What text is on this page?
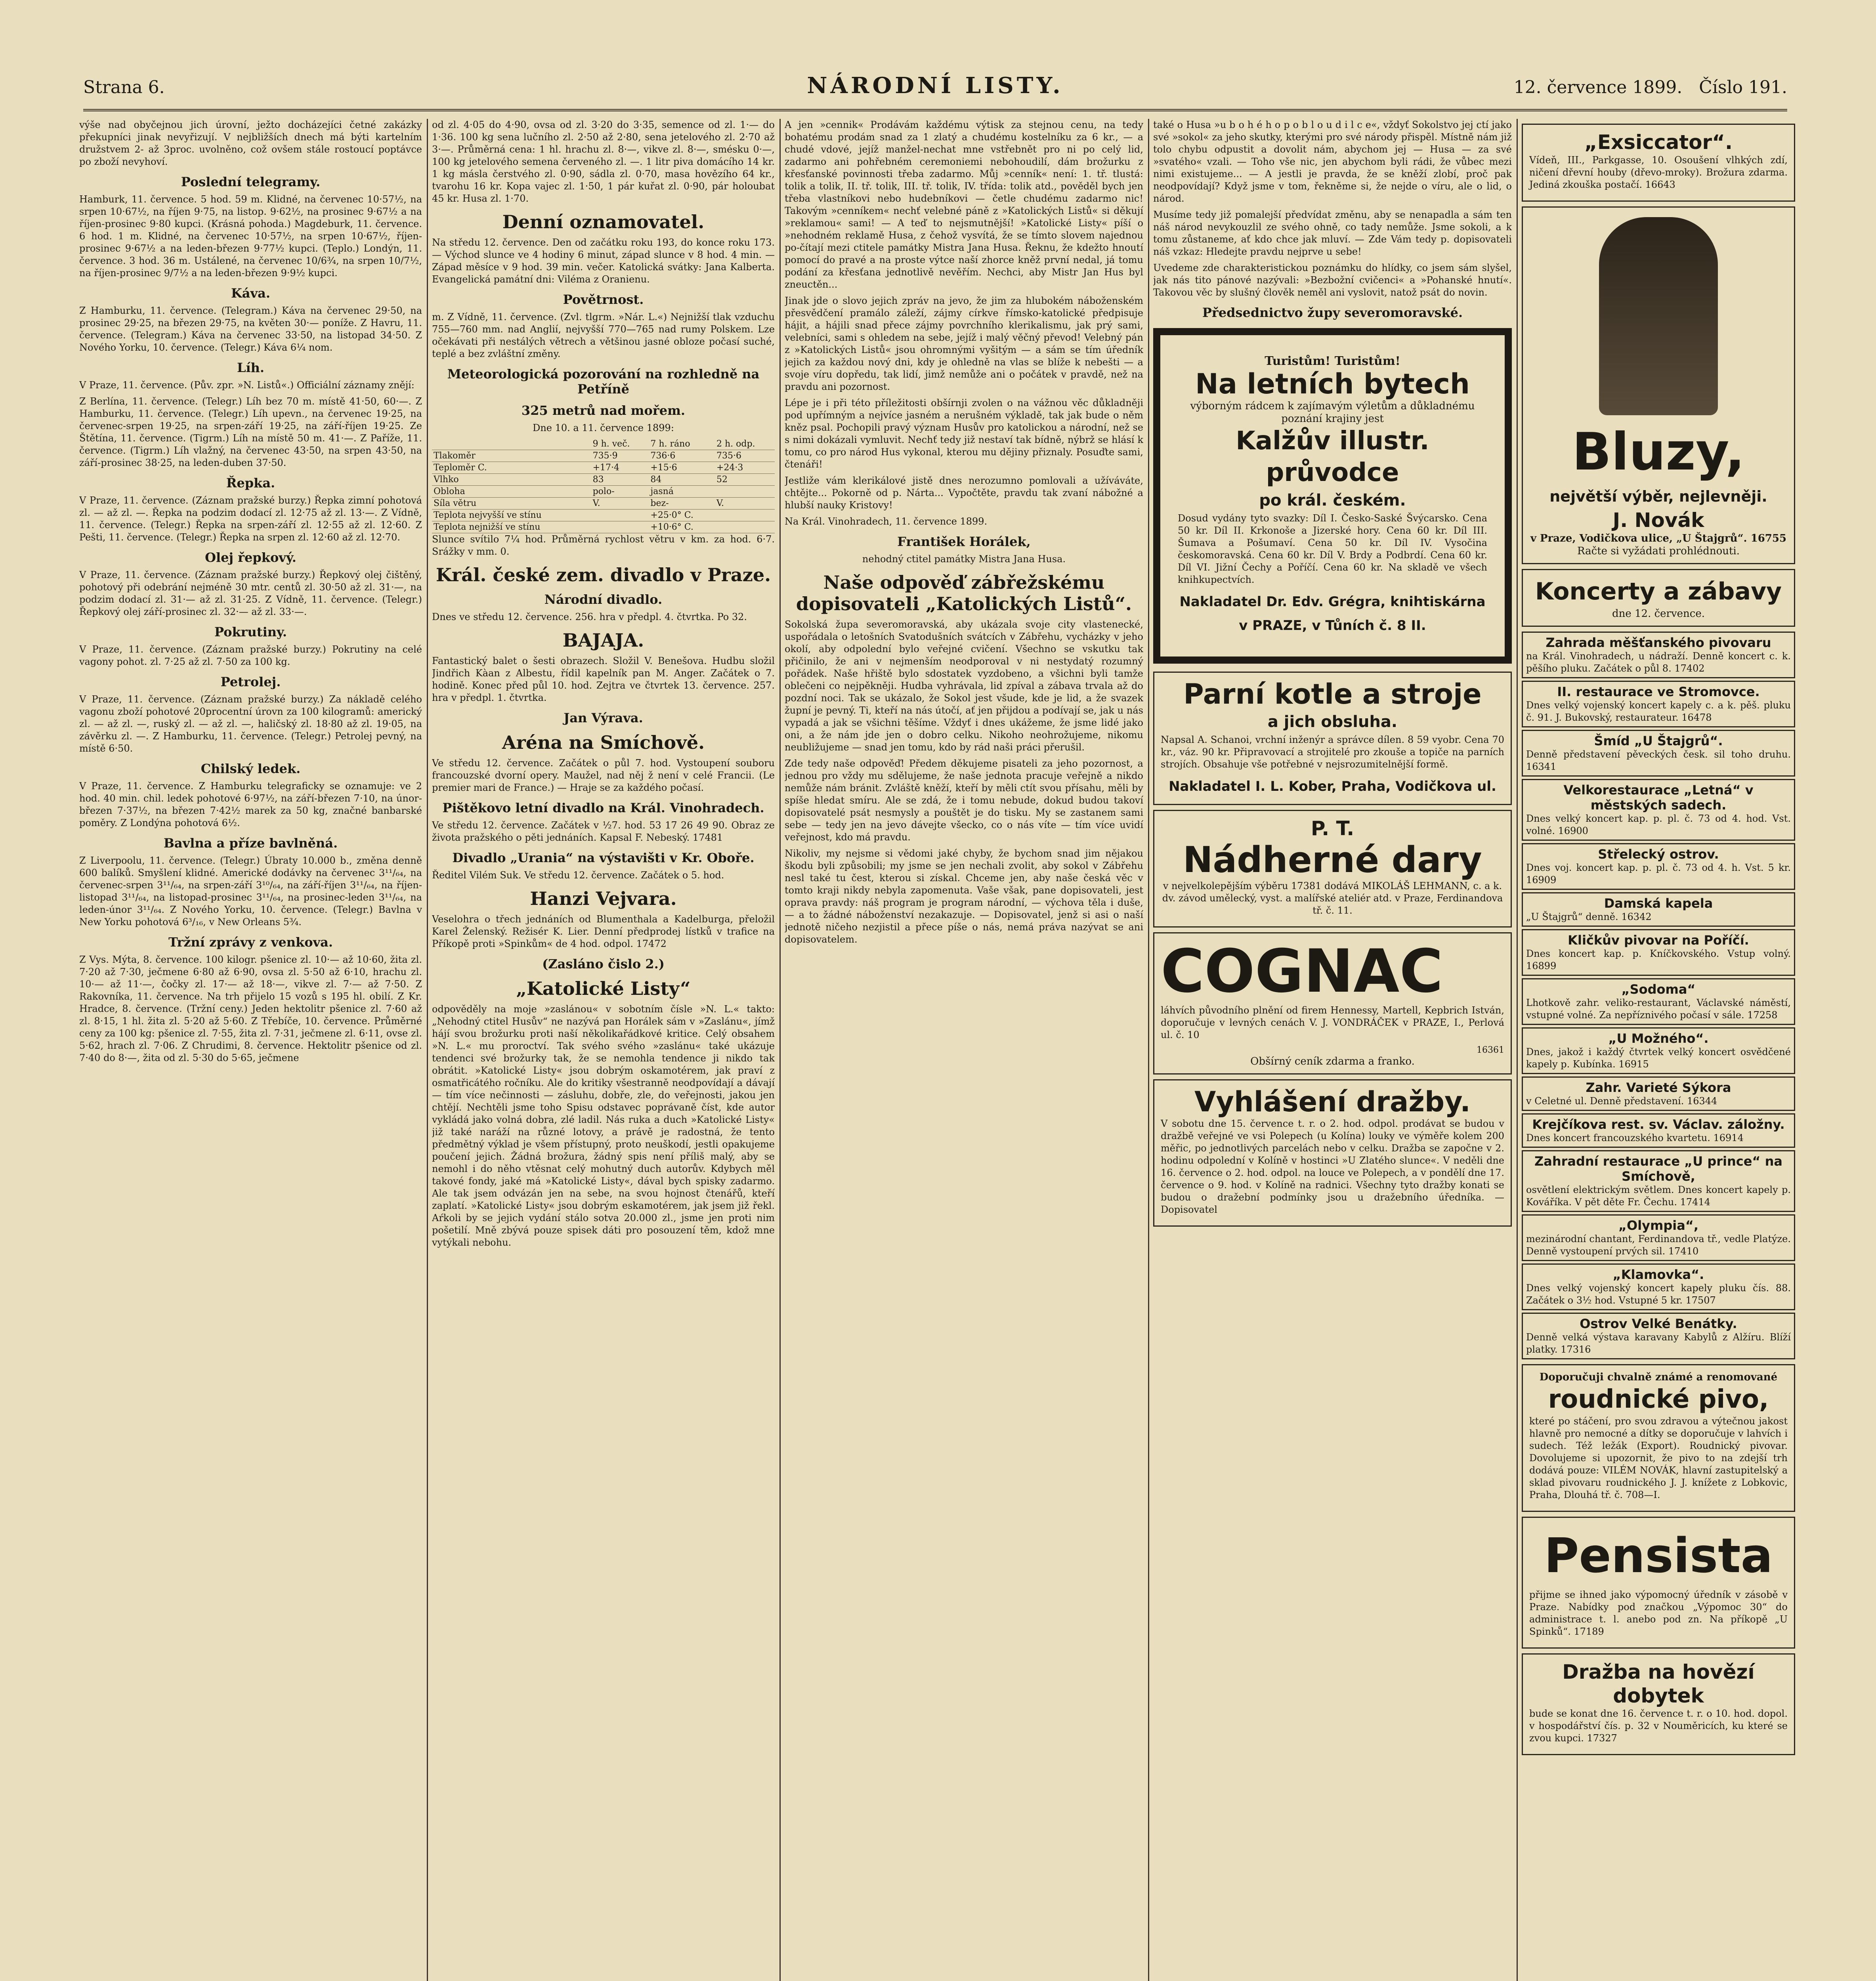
Strana 6.	NÁRODNÍ LISTY.	12. července 1899. Číslo 191.

výše nad obyčejnou jich úrovní, ježto docházejíci četné zakázky překupníci jinak nevyřizují. V nejbližších dnech má býti kartelním družstvem 2- až 3proc. uvolněno, což ovšem stále rostoucí poptávce po zboží nevyhoví.

Poslední telegramy.

Hamburk, 11. července. 5 hod. 59 m. Klidné, na červenec 10·57½, na srpen 10·67½, na říjen 9·75, na listop. 9·62½, na prosinec 9·67½ a na říjen-prosinec 9·80 kupci. (Krásná pohoda.) Magdeburk, 11. července. 6 hod. 1 m. Klidné, na červenec 10·57½, na srpen 10·67½, říjen-prosinec 9·67½ a na leden-březen 9·77½ kupci. (Teplo.) Londýn, 11. července. 3 hod. 36 m. Ustálené, na červenec 10/6¾, na srpen 10/7½, na říjen-prosinec 9/7½ a na leden-březen 9·9½ kupci.

Káva.

Z Hamburku, 11. července. (Telegram.) Káva na červenec 29·50, na prosinec 29·25, na březen 29·75, na květen 30·— poníže. Z Havru, 11. července. (Telegram.) Káva na červenec 33·50, na listopad 34·50. Z Nového Yorku, 10. července. (Telegr.) Káva 6¼ nom.

Líh.

V Praze, 11. července. (Pův. zpr. »N. Listů«.) Officiální záznamy znějí:

Z Berlína, 11. července. (Telegr.) Líh bez 70 m. místě 41·50, 60·—. Z Hamburku, 11. července. (Telegr.) Líh upevn., na červenec 19·25, na červenec-srpen 19·25, na srpen-září 19·25, na září-říjen 19·25. Ze Štětína, 11. července. (Tigrm.) Líh na místě 50 m. 41·—. Z Paříže, 11. července. (Tigrm.) Líh vlažný, na červenec 43·50, na srpen 43·50, na září-prosinec 38·25, na leden-duben 37·50.

Řepka.

V Praze, 11. července. (Záznam pražské burzy.) Řepka zimní pohotová zl. — až zl. —. Řepka na podzim dodací zl. 12·75 až zl. 13·—. Z Vídně, 11. července. (Telegr.) Řepka na srpen-září zl. 12·55 až zl. 12·60. Z Pešti, 11. července. (Telegr.) Řepka na srpen zl. 12·60 až zl. 12·70.

Olej řepkový.

V Praze, 11. července. (Záznam pražské burzy.) Řepkový olej čištěný, pohotový při odebrání nejméně 30 mtr. centů zl. 30·50 až zl. 31·—, na podzim dodací zl. 31·— až zl. 31·25. Z Vídně, 11. července. (Telegr.) Řepkový olej září-prosinec zl. 32·— až zl. 33·—.

Pokrutiny.

V Praze, 11. července. (Záznam pražské burzy.) Pokrutiny na celé vagony pohot. zl. 7·25 až zl. 7·50 za 100 kg.

Petrolej.

V Praze, 11. července. (Záznam pražské burzy.) Za nákladě celého vagonu zboží pohotové 20procentní úrovn za 100 kilogramů: americký zl. — až zl. —, ruský zl. — až zl. —, haličský zl. 18·80 až zl. 19·05, na závěrku zl. —. Z Hamburku, 11. července. (Telegr.) Petrolej pevný, na místě 6·50.

Chilský ledek.

V Praze, 11. července. Z Hamburku telegraficky se oznamuje: ve 2 hod. 40 min. chil. ledek pohotové 6·97½, na září-březen 7·10, na únor-březen 7·37½, na březen 7·42½ marek za 50 kg, značné banbarské poměry. Z Londýna pohotová 6½.

Bavlna a příze bavlněná.

Z Liverpoolu, 11. července. (Telegr.) Úbraty 10.000 b., změna denně 600 balíků. Smyšlení klidné. Americké dodávky na červenec 3¹¹/₆₄, na červenec-srpen 3¹¹/₆₄, na srpen-září 3¹⁰/₆₄, na září-říjen 3¹¹/₆₄, na říjen-listopad 3¹¹/₆₄, na listopad-prosinec 3¹¹/₆₄, na prosinec-leden 3¹¹/₆₄, na leden-únor 3¹¹/₆₄. Z Nového Yorku, 10. července. (Telegr.) Bavlna v New Yorku pohotová 6³/₁₆, v New Orleans 5¾.

Tržní zprávy z venkova.

Z Vys. Mýta, 8. července. 100 kilogr. pšenice zl. 10·— až 10·60, žita zl. 7·20 až 7·30, ječmene 6·80 až 6·90, ovsa zl. 5·50 až 6·10, hrachu zl. 10·— až 11·—, čočky zl. 17·— až 18·—, vikve zl. 7·— až 7·50. Z Rakovníka, 11. července. Na trh přijelo 15 vozů s 195 hl. obilí. Z Kr. Hradce, 8. července. (Tržní ceny.) Jeden hektolitr pšenice zl. 7·60 až zl. 8·15, 1 hl. žita zl. 5·20 až 5·60. Z Třebíče, 10. července. Průměrné ceny za 100 kg: pšenice zl. 7·55, žita zl. 7·31, ječmene zl. 6·11, ovse zl. 5·62, hrach zl. 7·06. Z Chrudimi, 8. července. Hektolitr pšenice od zl. 7·40 do 8·—, žita od zl. 5·30 do 5·65, ječmene

od zl. 4·05 do 4·90, ovsa od zl. 3·20 do 3·35, semence od zl. 1·— do 1·36. 100 kg sena lučního zl. 2·50 až 2·80, sena jetelového zl. 2·70 až 3·—. Průměrná cena: 1 hl. hrachu zl. 8·—, vikve zl. 8·—, smésku 0·—, 100 kg jetelového semena červeného zl. —. 1 litr piva domácího 14 kr. 1 kg másla čerstvého zl. 0·90, sádla zl. 0·70, masa hovězího 64 kr., tvarohu 16 kr. Kopa vajec zl. 1·50, 1 pár kuřat zl. 0·90, pár holoubat 45 kr. Husa zl. 1·70.

Denní oznamovatel.

Na středu 12. července. Den od začátku roku 193, do konce roku 173. — Východ slunce ve 4 hodiny 6 minut, západ slunce v 8 hod. 4 min. — Západ měsíce v 9 hod. 39 min. večer. Katolická svátky: Jana Kalberta. Evangelická památní dni: Viléma z Oranienu.

Povětrnost.

m. Z Vídně, 11. července. (Zvl. tlgrm. »Nár. L.«) Nejnižší tlak vzduchu 755—760 mm. nad Anglií, nejvyšší 770—765 nad rumy Polskem. Lze očekávati při nestálých větrech a většinou jasné obloze počasí suché, teplé a bez zvláštní změny.

Meteorologická pozorování na rozhledně na Petříně
325 metrů nad mořem.

Dne 10. a 11. července 1899:

	9 h. več.	7 h. ráno	2 h. odp.
Tlakoměr	735·9	736·6	735·6
Teploměr C.	+17·4	+15·6	+24·3
Vlhko	83	84	52
Obloha	polo-	jasná	
Síla větru	V.	bez-	V.
Teplota nejvyšší ve stínu		+25·0° C.	
Teplota nejnižší ve stínu		+10·6° C.	

Slunce svítilo 7¼ hod. Průměrná rychlost větru v km. za hod. 6·7. Srážky v mm. 0.

Král. české zem. divadlo v Praze.
Národní divadlo.

Dnes ve středu 12. července. 256. hra v předpl. 4. čtvrtka. Po 32.

BAJAJA.

Fantastický balet o šesti obrazech. Složil V. Benešova. Hudbu složil Jindřich Kàan z Albestu, řídil kapelník pan M. Anger. Začátek o 7. hodině. Konec před půl 10. hod. Zejtra ve čtvrtek 13. července. 257. hra v předpl. 1. čtvrtka.

Jan Výrava.
Aréna na Smíchově.

Ve středu 12. července. Začátek o půl 7. hod. Vystoupení souboru francouzské dvorní opery. Maužel, nad něj ž není v celé Francii. (Le premier mari de France.) — Hraje se za každého počasí.

Pištěkovo letní divadlo na Král. Vinohradech.

Ve středu 12. července. Začátek v ½7. hod. 53 17 26 49 90. Obraz ze života pražského o pěti jednáních. Kapsal F. Nebeský. 17481

Divadlo „Urania“ na výstavišti v Kr. Oboře.

Ředitel Vilém Suk. Ve středu 12. července. Začátek o 5. hod.

Hanzi Vejvara.

Veselohra o třech jednáních od Blumenthala a Kadelburga, přeložil Karel Želenský. Režisér K. Lier. Denní předprodej lístků v trafice na Příkopě proti »Spinkům« de 4 hod. odpol. 17472

(Zasláno čislo 2.)
„Katolické Listy“

odpověděly na moje »zaslánou« v sobotním čísle »N. L.« takto: „Nehodný ctitel Husův“ ne nazývá pan Horálek sám v »Zaslánu«, jímž hájí svou brožurku proti naší několikařádkové kritice. Celý obsahem »N. L.« mu proroctví. Tak svého svého »zaslánu« také ukázuje tendenci své brožurky tak, že se nemohla tendence ji nikdo tak obrátit. »Katolické Listy« jsou dobrým oskamotérem, jak praví z osmatřicátého ročníku. Ale do kritiky všestranně neodpovídají a dávají — tím více nečinnosti — zásluhu, dobře, zle, do veřejnosti, jakou jen chtějí. Nechtěli jsme toho Spisu odstavec poprávaně číst, kde autor vykládá jako volná dobra, zlé ladil. Nás ruka a duch »Katolické Listy« již také naráží na různé lotovy, a právě je radostná, že tento předmětný výklad je všem přístupný, proto neuškodí, jestli opakujeme poučení jejich. Žádná brožura, žádný spis není příliš malý, aby se nemohl i do něho vtěsnat celý mohutný duch autorův. Kdybych měl takové fondy, jaké má »Katolické Listy«, dával bych spisky zadarmo. Ale tak jsem odvázán jen na sebe, na svou hojnost čtenářů, kteří zaplatí. »Katolické Listy« jsou dobrým eskamotérem, jak jsem již řekl. Aŕkoli by se jejich vydání stálo sotva 20.000 zl., jsme jen proti nim pošetilí. Mně zbývá pouze spisek dáti pro posouzení těm, kdož mne vytýkali nebohu.

A jen »cennik« Prodávám každému výtisk za stejnou cenu, na tedy bohatému prodám snad za 1 zlatý a chudému kostelníku za 6 kr., — a chudé vdové, jejíž manžel-nechat mne vstřebnět pro ni po celý lid, zadarmo ani pohřebném ceremoniemi nebohoudilí, dám brožurku z křesťanské povinnosti třeba zadarmo. Můj »cenník« není: 1. tř. tlustá: tolik a tolik, II. tř. tolik, III. tř. tolik, IV. třída: tolik atd., pověděl bych jen třeba vlastníkovi nebo hudebníkovi — četle chudému zadarmo nic! Takovým »cenníkem« nechť velebné páně z »Katolických Listů« si děkují »reklamou« sami! — A teď to nejsmutnější! »Katolické Listy« píší o »nehodném reklamě Husa, z čehož vysvítá, že se tímto slovem najednou po-čítají mezi ctitele památky Mistra Jana Husa. Řeknu, že kdežto hnoutí pomocí do pravé a na proste výtce naší zhorce kněž první nedal, já tomu podání za křesťana jednotlivě nevěřím. Nechci, aby Mistr Jan Hus byl zneuctěn...

Jinak jde o slovo jejich zpráv na jevo, že jim za hlubokém náboženském přesvědčení pramálo záleží, zájmy církve římsko-katolické předpisuje hájit, a hájili snad přece zájmy povrchního klerikalismu, jak prý sami, velebníci, sami s ohledem na sebe, jejíž i malý věčný převod! Velebný pán z »Katolických Listů« jsou ohromnými vyšitým — a sám se tím úředník jejich za každou nový dni, kdy je ohledně na vlas se blíže k nebešti — a svoje víru dopředu, tak lidí, jimž nemůže ani o počátek v pravdě, než na pravdu ani pozornost.

Lépe je i při této příležitosti obšírnji zvolen o na vážnou věc důkladněji pod upřímným a nejvíce jasném a nerušném výkladě, tak jak bude o něm kněz psal. Pochopili pravý význam Husův pro katolickou a národní, než se s nimi dokázali vymluvit. Nechť tedy již nestaví tak bídně, nýbrž se hlásí k tomu, co pro národ Hus vykonal, kterou mu dějiny přiznaly. Posuďte sami, čtenáři!

Jestliže vám klerikálové jistě dnes nerozumno pomlovali a užíváváte, chtějte... Pokorně od p. Nárta... Vypočtěte, pravdu tak zvaní nábožné a hlubší nauky Kristovy!

Na Král. Vinohradech, 11. července 1899.

František Horálek,

nehodný ctitel památky Mistra Jana Husa.

Naše odpověď zábřežskému dopisovateli „Katolických Listů“.

Sokolská župa severomoravská, aby ukázala svoje city vlastenecké, uspořádala o letošních Svatodušních svátcích v Zábřehu, vycházky v jeho okolí, aby odpolední bylo veřejné cvičení. Všechno se vskutku tak přičinilo, že ani v nejmenším neodporoval v ni nestydatý rozumný pořádek. Naše hřiště bylo sdostatek vyzdobeno, a všichni byli tamže oblečeni co nejpěkněji. Hudba vyhrávala, lid zpíval a zábava trvala až do pozdní noci. Tak se ukázalo, že Sokol jest všude, kde je lid, a že svazek župní je pevný. Ti, kteří na nás útočí, ať jen přijdou a podívají se, jak u nás vypadá a jak se všichni těšíme. Vždyť i dnes ukážeme, že jsme lidé jako oni, a že nám jde jen o dobro celku. Nikoho neohrožujeme, nikomu neubližujeme — snad jen tomu, kdo by rád naši práci přerušil.

Zde tedy naše odpověď! Předem děkujeme pisateli za jeho pozornost, a jednou pro vždy mu sdělujeme, že naše jednota pracuje veřejně a nikdo nemůže nám bránit. Zvláště kněží, kteří by měli ctít svou přísahu, měli by spíše hledat smíru. Ale se zdá, že i tomu nebude, dokud budou takoví dopisovatelé psát nesmysly a pouštět je do tisku. My se zastanem sami sebe — tedy jen na jevo dávejte všecko, co o nás víte — tím více uvidí veřejnost, kdo má pravdu.

Nikoliv, my nejsme si vědomi jaké chyby, že bychom snad jim nějakou škodu byli způsobili; my jsme se jen nechali zvolit, aby sokol v Zábřehu nesl také tu čest, kterou si získal. Chceme jen, aby naše česká věc v tomto kraji nikdy nebyla zapomenuta. Vaše však, pane dopisovateli, jest oprava pravdy: náš program je program národní, — výchova těla i duše, — a to žádné náboženství nezakazuje. — Dopisovatel, jenž si asi o naší jednotě ničeho nezjistil a přece píše o nás, nemá práva nazývat se ani dopisovatelem.

také o Husa »u b o h é h o p o b l o u d i l c e«, vždyť Sokolstvo jej ctí jako své »sokol« za jeho skutky, kterými pro své národy přispěl. Místně nám již tolo chybu odpustit a dovolit nám, abychom jej — Husa — za své »svatého« vzali. — Toho vše nic, jen abychom byli rádi, že vůbec mezi nimi existujeme... — A jestli je pravda, že se kněží zlobí, proč pak neodpovídají? Když jsme v tom, řekněme si, že nejde o víru, ale o lid, o národ.

Musíme tedy již pomalejší předvídat změnu, aby se nenapadla a sám ten náš národ nevykouzlil ze svého ohně, co tady nemůže. Jsme sokoli, a k tomu zůstaneme, ať kdo chce jak mluví. — Zde Vám tedy p. dopisovateli náš vzkaz: Hledejte pravdu nejprve u sebe!

Uvedeme zde charakteristickou poznámku do hlídky, co jsem sám slyšel, jak nás tito pánové nazývali: »Bezbožní cvičenci« a »Pohanské hnutí«. Takovou věc by slušný člověk neměl ani vyslovit, natož psát do novin.

Předsednictvo župy severomoravské.
Turistům! Turistům!
Na letních bytech
výborným rádcem k zajímavým výletům a důkladnému poznání krajiny jest
Kalžův illustr. průvodce
po král. českém.

Dosud vydány tyto svazky: Díl I. Česko-Saské Švýcarsko. Cena 50 kr. Díl II. Krkonoše a Jizerské hory. Cena 60 kr. Díl III. Šumava a Pošumaví. Cena 50 kr. Díl IV. Vysočina českomoravská. Cena 60 kr. Díl V. Brdy a Podbrdí. Cena 60 kr. Díl VI. Jižní Čechy a Poříčí. Cena 60 kr. Na skladě ve všech knihkupectvích.

Nakladatel Dr. Edv. Grégra, knihtiskárna v PRAZE, v Tůních č. 8 II.
Parní kotle a stroje
a jich obsluha.

Napsal A. Schanoi, vrchní inženýr a správce dílen. 8 59 vyobr. Cena 70 kr., váz. 90 kr. Připravovací a strojitelé pro zkouše a topiče na parních strojích. Obsahuje vše potřebné v nejsrozumitelnější formě.

Nakladatel I. L. Kober, Praha, Vodičkova ul.
P. T.
Nádherné dary

v nejvelkolepějším výběru 17381 dodává MIKOLÁŠ LEHMANN, c. a k. dv. závod umělecký, vyst. a malířské ateliér atd. v Praze, Ferdinandova tř. č. 11.

COGNAC

láhvích původního plnění od firem Hennessy, Martell, Kepbrich István, doporučuje v levných cenách V. J. VONDRÁČEK v PRAZE, I., Perlová ul. č. 10

16361
Obšírný ceník zdarma a franko.
Vyhlášení dražby.

V sobotu dne 15. července t. r. o 2. hod. odpol. prodávat se budou v dražbě veřejné ve vsi Polepech (u Kolína) louky ve výměře kolem 200 měřic, po jednotlivých parcelách nebo v celku. Dražba se započne v 2. hodinu odpolední v Kolíně v hostinci »U Zlatého slunce«. V neděli dne 16. července o 2. hod. odpol. na louce ve Polepech, a v pondělí dne 17. července o 9. hod. v Kolíně na radnici. Všechny tyto dražby konati se budou o dražební podmínky jsou u dražebního úředníka. — Dopisovatel

„Exsiccator“.

Vídeň, III., Parkgasse, 10. Osoušení vlhkých zdí, ničení dřevní houby (dřevo-mroky). Brožura zdarma. Jediná zkouška postačí. 16643

Bluzy,
největší výběr, nejlevněji.
J. Novák
v Praze, Vodičkova ulice, „U Štajgrů“. 16755
Račte si vyžádati prohlédnouti.
Koncerty a zábavy
dne 12. července.
Zahrada měšťanského pivovaru

na Král. Vinohradech, u nádraží. Denně koncert c. k. pěšího pluku. Začátek o půl 8. 17402

II. restaurace ve Stromovce.

Dnes velký vojenský koncert kapely c. a k. pěš. pluku č. 91. J. Bukovský, restaurateur. 16478

Šmíd „U Štajgrů“.

Denně představení pěveckých česk. sil toho druhu. 16341

Velkorestaurace „Letná“ v městských sadech.

Dnes velký koncert kap. p. pl. č. 73 od 4. hod. Vst. volné. 16900

Střelecký ostrov.

Dnes voj. koncert kap. p. pl. č. 73 od 4. h. Vst. 5 kr. 16909

Damská kapela

„U Štajgrů“ denně. 16342

Kličkův pivovar na Poříčí.

Dnes koncert kap. p. Kníčkovského. Vstup volný. 16899

„Sodoma“

Lhotkově zahr. veliko-restaurant, Václavské náměstí, vstupné volné. Za nepříznivého počasí v sále. 17258

„U Možného“.

Dnes, jakož i každý čtvrtek velký koncert osvědčené kapely p. Kubínka. 16915

Zahr. Varieté Sýkora

v Celetné ul. Denně představení. 16344

Krejčíkova rest. sv. Václav. záložny.

Dnes koncert francouzského kvartetu. 16914

Zahradní restaurace „U prince“ na Smíchově,

osvětlení elektrickým světlem. Dnes koncert kapely p. Kováříka. V pět děte Fr. Čechu. 17414

„Olympia“,

mezinárodní chantant, Ferdinandova tř., vedle Platýze. Denně vystoupení prvých sil. 17410

„Klamovka“.

Dnes velký vojenský koncert kapely pluku čís. 88. Začátek o 3½ hod. Vstupné 5 kr. 17507

Ostrov Velké Benátky.

Denně velká výstava karavany Kabylů z Alžíru. Blíží platky. 17316

Doporučuji chvalně známé a renomované
roudnické pivo,

které po stáčení, pro svou zdravou a výtečnou jakost hlavně pro nemocné a dítky se doporučuje v lahvích i sudech. Též ležák (Export). Roudnický pivovar. Dovolujeme si upozornit, že pivo to na zdejší trh dodává pouze: VILÉM NOVÁK, hlavní zastupitelský a sklad pivovaru roudnického J. J. knížete z Lobkovic, Praha, Dlouhá tř. č. 708—I.

Pensista

přijme se ihned jako výpomocný úředník v zásobě v Praze. Nabídky pod značkou „Výpomoc 30“ do administrace t. l. anebo pod zn. Na příkopě „U Spinků“. 17189

Dražba na hovězí dobytek

bude se konat dne 16. července t. r. o 10. hod. dopol. v hospodářství čís. p. 32 v Nouměricích, ku které se zvou kupci. 17327
